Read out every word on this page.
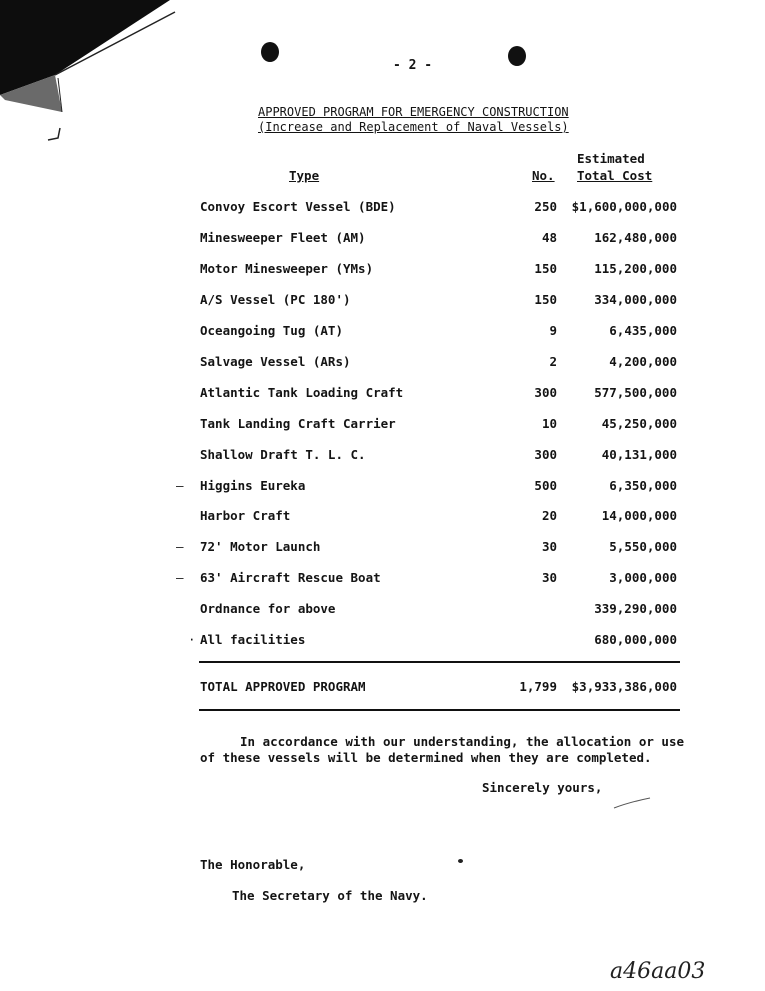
- 2 -
APPROVED PROGRAM FOR EMERGENCY CONSTRUCTION
(Increase and Replacement of Naval Vessels)
Type	No.
Estimated
Total Cost
Convoy Escort Vessel (BDE)	250 $1,600,000,000
Minesweeper Fleet (AM)	48	162,480,000
Motor Minesweeper (YMs)	150	115,200,000
A/S Vessel (PC 180')	150	334,000,000
Oceangoing Tug (AT)	9	6,435,000
Salvage Vessel (ARs)	2	4,200,000
Atlantic Tank Loading Craft	300	577,500,000
Tank Landing Craft Carrier	10	45,250,000
Shallow Draft T. L. C.	300	40,131,000
— Higgins Eureka	500	6,350,000
Harbor Craft	20	14,000,000
— 72' Motor Launch	30	5,550,000
— 63' Aircraft Rescue Boat	30	3,000,000
Ordnance for above	339,290,000
· All facilities	680,000,000
TOTAL APPROVED PROGRAM	1,799 $3,933,386,000
In accordance with our understanding, the allocation or use
of these vessels will be determined when they are completed.
Sincerely yours,
The Honorable,
The Secretary of the Navy.
a46aa03
